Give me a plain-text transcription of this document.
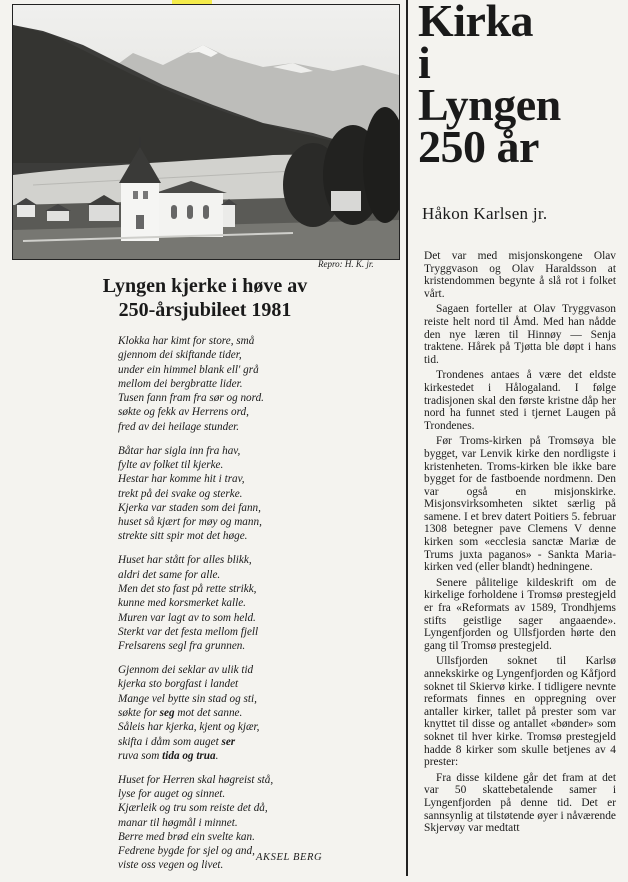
Repro: H. K. jr.
Lyngen kjerke i høve av
250-årsjubileet 1981
Klokka har kimt for store, små
gjennom dei skiftande tider,
under ein himmel blank ell' grå
mellom dei bergbratte lider.
Tusen fann fram fra sør og nord.
søkte og fekk av Herrens ord,
fred av dei heilage stunder.
Båtar har sigla inn fra hav,
fylte av folket til kjerke.
Hestar har komme hit i trav,
trekt på dei svake og sterke.
Kjerka var staden som dei fann,
huset så kjært for møy og mann,
strekte sitt spir mot det høge.
Huset har stått for alles blikk,
aldri det same for alle.
Men det sto fast på rette strikk,
kunne med korsmerket kalle.
Muren var lagt av to som held.
Sterkt var det festa mellom fjell
Frelsarens segl fra grunnen.
Gjennom dei seklar av ulik tid
kjerka sto borgfast i landet
Mange vel bytte sin stad og sti,
søkte for seg mot det sanne.
Såleis har kjerka, kjent og kjær,
skifta i dåm som auget ser
ruva som tida og trua.
Huset for Herren skal høgreist stå,
lyse for auget og sinnet.
Kjærleik og tru som reiste det då,
manar til høgmål i minnet.
Berre med brød ein svelte kan.
Fedrene bygde for sjel og and,
viste oss vegen og livet.
AKSEL BERG
Kirka
i
Lyngen
250 år
Håkon Karlsen jr.

Det var med misjonskongene Olav Tryggvason og Olav Haraldsson at kristendommen begynte å slå rot i folket vårt.

Sagaen forteller at Olav Tryggvason reiste helt nord til Åmd. Med han nådde den nye læren til Hinnøy — Senja traktene. Hårek på Tjøtta ble døpt i hans tid.

Trondenes antaes å være det eldste kirkestedet i Hålogaland. I følge tradisjonen skal den første kristne dåp her nord ha funnet sted i tjernet Laugen på Trondenes.

Før Troms-kirken på Tromsøya ble bygget, var Lenvik kirke den nordligste i kristenheten. Troms-kirken ble ikke bare bygget for de fastboende nordmenn. Den var også en misjonskirke. Misjonsvirksomheten siktet særlig på samene. I et brev datert Poitiers 5. februar 1308 betegner pave Clemens V denne kirken som «ecclesia sanctæ Mariæ de Trums juxta paganos» - Sankta Maria-kirken ved (eller blandt) hedningene.

Senere pålitelige kildeskrift om de kirkelige forholdene i Tromsø prestegjeld er fra «Reformats av 1589, Trondhjems stifts geistlige sager angaaende». Lyngenfjorden og Ullsfjorden hørte den gang til Tromsø prestegjeld.

Ullsfjorden soknet til Karlsø annekskirke og Lyngenfjorden og Kåfjord soknet til Skiervø kirke. I tidligere nevnte reformats finnes en oppregning over antaller kirker, tallet på prester som var knyttet til disse og antallet «bønder» som soknet til hver kirke. Tromsø prestegjeld hadde 8 kirker som skulle betjenes av 4 prester:

Fra disse kildene går det fram at det var 50 skattebetalende samer i Lyngenfjorden på denne tid. Det er sannsynlig at tilstøtende øyer i nåværende Skjervøy var medtatt
